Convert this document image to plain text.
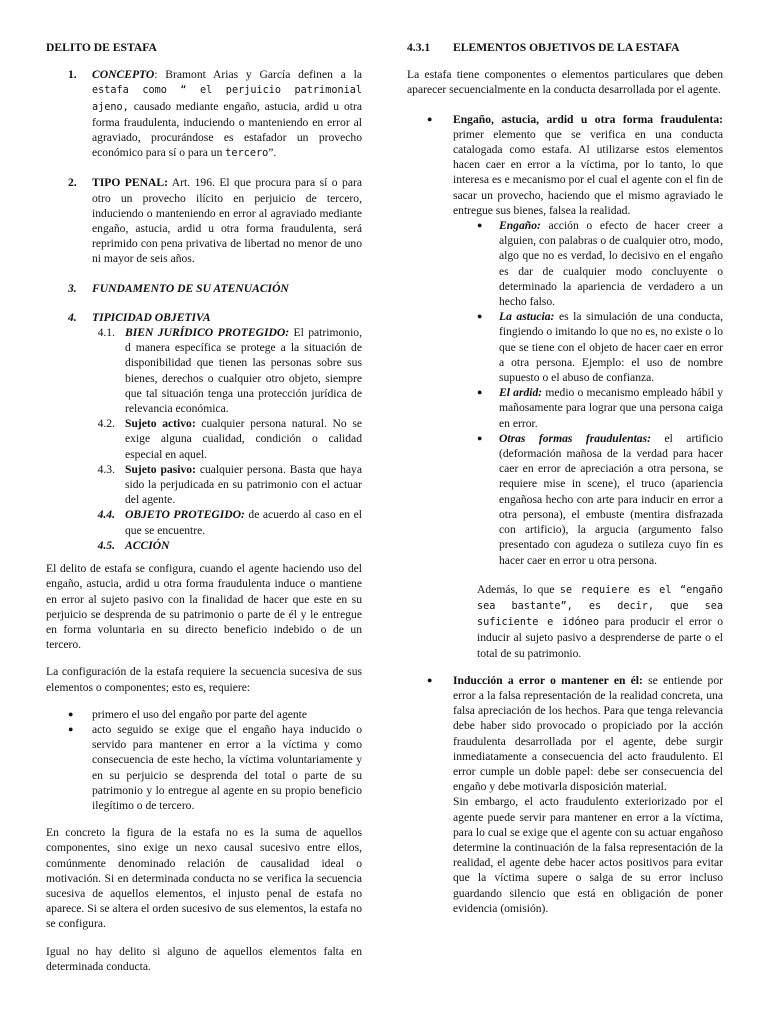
DELITO DE ESTAFA

1. CONCEPTO: Bramont Arias y García definen a la estafa como “ el perjuicio patrimonial ajeno, causado mediante engaño, astucia, ardid u otra forma fraudulenta, induciendo o manteniendo en error al agraviado, procurándose es estafador un provecho económico para sí o para un tercero”.
2. TIPO PENAL: Art. 196. El que procura para sí o para otro un provecho ilícito en perjuicio de tercero, induciendo o manteniendo en error al agraviado mediante engaño, astucia, ardid u otra forma fraudulenta, será reprimido con pena privativa de libertad no menor de uno ni mayor de seis años.
3. FUNDAMENTO DE SU ATENUACIÓN
4. TIPICIDAD OBJETIVA
4.1. BIEN JURÍDICO PROTEGIDO: El patrimonio, d manera específica se protege a la situación de disponibilidad que tienen las personas sobre sus bienes, derechos o cualquier otro objeto, siempre que tal situación tenga una protección jurídica de relevancia económica.
4.2. Sujeto activo: cualquier persona natural. No se exige alguna cualidad, condición o calidad especial en aquel.
4.3. Sujeto pasivo: cualquier persona. Basta que haya sido la perjudicada en su patrimonio con el actuar del agente.
4.4. OBJETO PROTEGIDO: de acuerdo al caso en el que se encuentre.
4.5. ACCIÓN

El delito de estafa se configura, cuando el agente haciendo uso del engaño, astucia, ardid u otra forma fraudulenta induce o mantiene en error al sujeto pasivo con la finalidad de hacer que este en su perjuicio se desprenda de su patrimonio o parte de él y le entregue en forma voluntaria en su directo beneficio indebido o de un tercero.

La configuración de la estafa requiere la secuencia sucesiva de sus elementos o componentes; esto es, requiere:

● primero el uso del engaño por parte del agente
● acto seguido se exige que el engaño haya inducido o servido para mantener en error a la víctima y como consecuencia de este hecho, la víctima voluntariamente y en su perjuicio se desprenda del total o parte de su patrimonio y lo entregue al agente en su propio beneficio ilegítimo o de tercero.

En concreto la figura de la estafa no es la suma de aquellos componentes, sino exige un nexo causal sucesivo entre ellos, comúnmente denominado relación de causalidad ideal o motivación. Si en determinada conducta no se verifica la secuencia sucesiva de aquellos elementos, el injusto penal de estafa no aparece. Si se altera el orden sucesivo de sus elementos, la estafa no se configura.

Igual no hay delito si alguno de aquellos elementos falta en determinada conducta.

4.3.1	ELEMENTOS OBJETIVOS DE LA ESTAFA

La estafa tiene componentes o elementos particulares que deben aparecer secuencialmente en la conducta desarrollada por el agente.

● Engaño, astucia, ardid u otra forma fraudulenta: primer elemento que se verifica en una conducta catalogada como estafa. Al utilizarse estos elementos hacen caer en error a la víctima, por lo tanto, lo que interesa es e mecanismo por el cual el agente con el fin de sacar un provecho, haciendo que el mismo agraviado le entregue sus bienes, falsea la realidad.
● Engaño: acción o efecto de hacer creer a alguien, con palabras o de cualquier otro, modo, algo que no es verdad, lo decisivo en el engaño es dar de cualquier modo concluyente o determinado la apariencia de verdadero a un hecho falso.
● La astucia: es la simulación de una conducta, fingiendo o imitando lo que no es, no existe o lo que se tiene con el objeto de hacer caer en error a otra persona. Ejemplo: el uso de nombre supuesto o el abuso de confianza.
● El ardid: medio o mecanismo empleado hábil y mañosamente para lograr que una persona caiga en error.
● Otras formas fraudulentas: el artificio (deformación mañosa de la verdad para hacer caer en error de apreciación a otra persona, se requiere mise in scene), el truco (apariencia engañosa hecho con arte para inducir en error a otra persona), el embuste (mentira disfrazada con artificio), la argucia (argumento falso presentado con agudeza o sutileza cuyo fin es hacer caer en error u otra persona.
Además, lo que se requiere es el “engaño sea bastante”, es decir, que sea suficiente e idóneo para producir el error o inducir al sujeto pasivo a desprenderse de parte o el total de su patrimonio.
● Inducción a error o mantener en él: se entiende por error a la falsa representación de la realidad concreta, una falsa apreciación de los hechos. Para que tenga relevancia debe haber sido provocado o propiciado por la acción fraudulenta desarrollada por el agente, debe surgir inmediatamente a consecuencia del acto fraudulento. El error cumple un doble papel: debe ser consecuencia del engaño y debe motivarla disposición material.

Sin embargo, el acto fraudulento exteriorizado por el agente puede servir para mantener en error a la víctima, para lo cual se exige que el agente con su actuar engañoso determine la continuación de la falsa representación de la realidad, el agente debe hacer actos positivos para evitar que la víctima supere o salga de su error incluso guardando silencio que está en obligación de poner evidencia (omisión).
